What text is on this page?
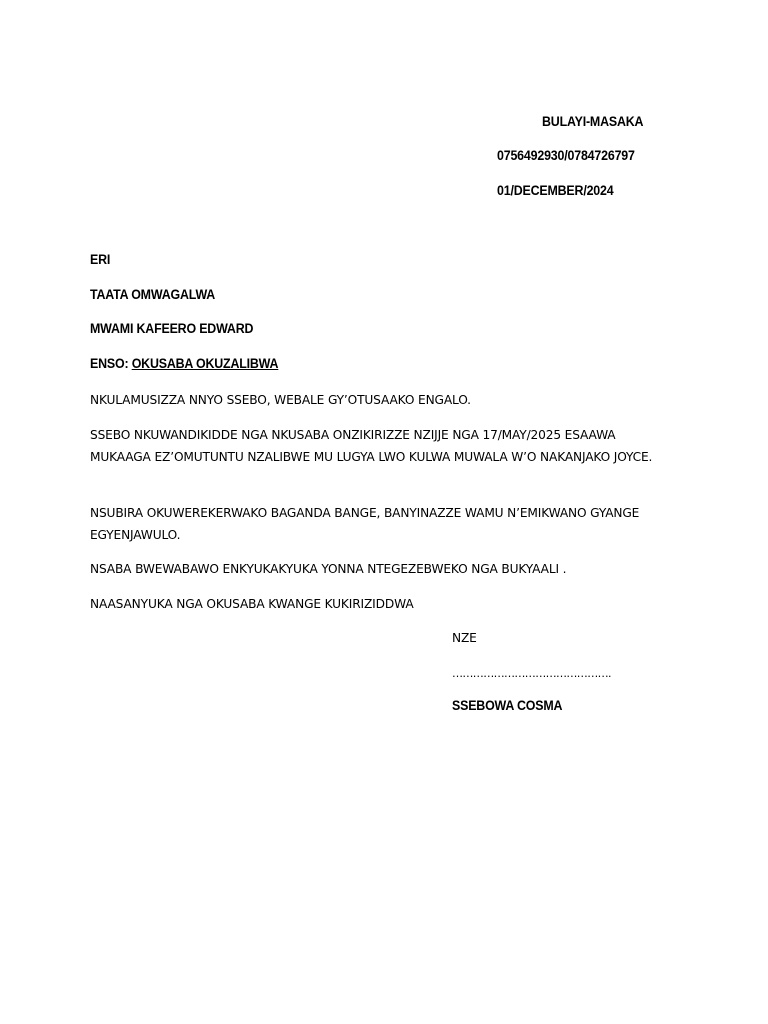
BULAYI-MASAKA
0756492930/0784726797
01/DECEMBER/2024
ERI
TAATA OMWAGALWA
MWAMI KAFEERO EDWARD
ENSO: OKUSABA OKUZALIBWA
NKULAMUSIZZA NNYO SSEBO, WEBALE GY’OTUSAAKO ENGALO.
SSEBO NKUWANDIKIDDE NGA NKUSABA ONZIKIRIZZE NZIJJE NGA 17/MAY/2025 ESAAWA MUKAAGA EZ’OMUTUNTU NZALIBWE MU LUGYA LWO KULWA MUWALA W’O NAKANJAKO JOYCE.
NSUBIRA OKUWEREKERWAKO BAGANDA BANGE, BANYINAZZE WAMU N’EMIKWANO GYANGE EGYENJAWULO.
NSABA BWEWABAWO ENKYUKAKYUKA YONNA NTEGEZEBWEKO NGA BUKYAALI .
NAASANYUKA NGA OKUSABA KWANGE KUKIRIZIDDWA
NZE
……………………………………….
SSEBOWA COSMA
